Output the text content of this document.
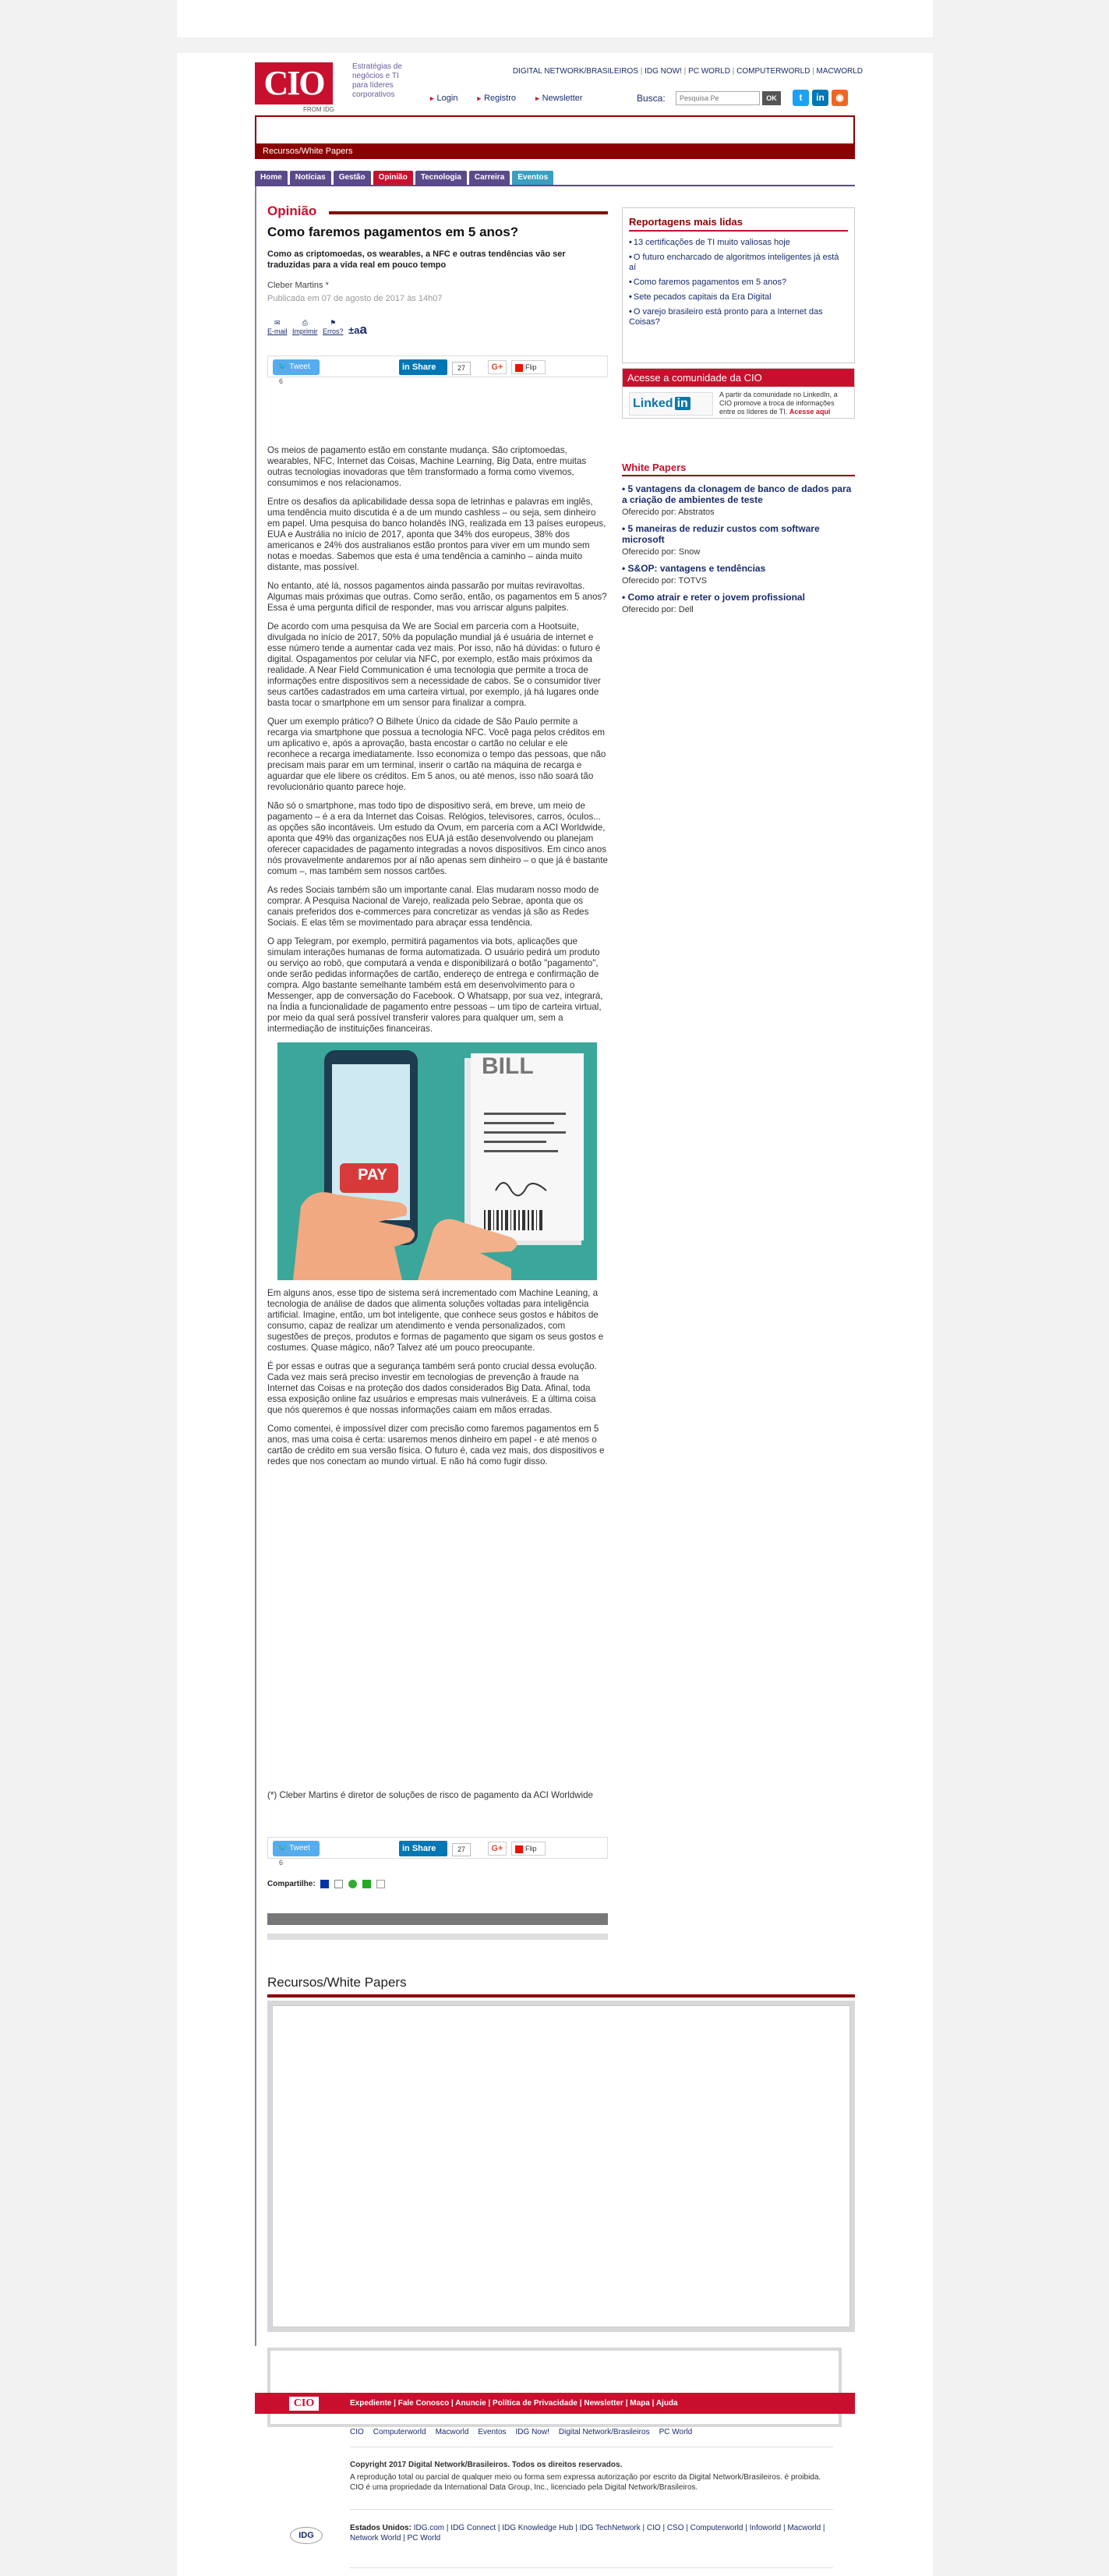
CIO
FROM IDG
Estratégias de negócios e TI para líderes corporativos
DIGITAL NETWORK/BRASILEIROS | IDG NOW! | PC WORLD | COMPUTERWORLD | MACWORLD
▸ Login	▸ Registro	▸ Newsletter	Busca:
Pesquisa Pe	OK	t	in	◉
Recursos/White Papers
Home Notícias Gestão Opinião Tecnologia Carreira Eventos
Opinião
Como faremos pagamentos em 5 anos?
Como as criptomoedas, os wearables, a NFC e outras tendências vão ser traduzidas para a vida real em pouco tempo
Cleber Martins *
Publicada em 07 de agosto de 2017 às 14h07
✉
E-mail
⎙
Imprimir
⚑
Erros? ±aa
🐦 Tweet
6
in Share	27	G+	Flip

Os meios de pagamento estão em constante mudança. São criptomoedas, wearables, NFC, Internet das Coisas, Machine Learning, Big Data, entre muitas outras tecnologias inovadoras que têm transformado a forma como vivemos, consumimos e nos relacionamos.

Entre os desafios da aplicabilidade dessa sopa de letrinhas e palavras em inglês, uma tendência muito discutida é a de um mundo cashless – ou seja, sem dinheiro em papel. Uma pesquisa do banco holandês ING, realizada em 13 países europeus, EUA e Austrália no início de 2017, aponta que 34% dos europeus, 38% dos americanos e 24% dos australianos estão prontos para viver em um mundo sem notas e moedas. Sabemos que esta é uma tendência a caminho – ainda muito distante, mas possível.

No entanto, até lá, nossos pagamentos ainda passarão por muitas reviravoltas. Algumas mais próximas que outras. Como serão, então, os pagamentos em 5 anos? Essa é uma pergunta difícil de responder, mas vou arriscar alguns palpites.

De acordo com uma pesquisa da We are Social em parceria com a Hootsuite, divulgada no início de 2017, 50% da população mundial já é usuária de internet e esse número tende a aumentar cada vez mais. Por isso, não há dúvidas: o futuro é digital. Ospagamentos por celular via NFC, por exemplo, estão mais próximos da realidade. A Near Field Communication é uma tecnologia que permite a troca de informações entre dispositivos sem a necessidade de cabos. Se o consumidor tiver seus cartões cadastrados em uma carteira virtual, por exemplo, já há lugares onde basta tocar o smartphone em um sensor para finalizar a compra.

Quer um exemplo prático? O Bilhete Único da cidade de São Paulo permite a recarga via smartphone que possua a tecnologia NFC. Você paga pelos créditos em um aplicativo e, após a aprovação, basta encostar o cartão no celular e ele reconhece a recarga imediatamente. Isso economiza o tempo das pessoas, que não precisam mais parar em um terminal, inserir o cartão na máquina de recarga e aguardar que ele libere os créditos. Em 5 anos, ou até menos, isso não soará tão revolucionário quanto parece hoje.

Não só o smartphone, mas todo tipo de dispositivo será, em breve, um meio de pagamento – é a era da Internet das Coisas. Relógios, televisores, carros, óculos... as opções são incontáveis. Um estudo da Ovum, em parceria com a ACI Worldwide, aponta que 49% das organizações nos EUA já estão desenvolvendo ou planejam oferecer capacidades de pagamento integradas a novos dispositivos. Em cinco anos nós provavelmente andaremos por aí não apenas sem dinheiro – o que já é bastante comum –, mas também sem nossos cartões.

As redes Sociais também são um importante canal. Elas mudaram nosso modo de comprar. A Pesquisa Nacional de Varejo, realizada pelo Sebrae, aponta que os canais preferidos dos e-commerces para concretizar as vendas já são as Redes Sociais. E elas têm se movimentado para abraçar essa tendência.

O app Telegram, por exemplo, permitirá pagamentos via bots, aplicações que simulam interações humanas de forma automatizada. O usuário pedirá um produto ou serviço ao robô, que computará a venda e disponibilizará o botão "pagamento", onde serão pedidas informações de cartão, endereço de entrega e confirmação de compra. Algo bastante semelhante também está em desenvolvimento para o Messenger, app de conversação do Facebook. O Whatsapp, por sua vez, integrará, na Índia a funcionalidade de pagamento entre pessoas – um tipo de carteira virtual, por meio da qual será possível transferir valores para qualquer um, sem a intermediação de instituições financeiras.

PAY
BILL

Em alguns anos, esse tipo de sistema será incrementado com Machine Leaning, a tecnologia de análise de dados que alimenta soluções voltadas para inteligência artificial. Imagine, então, um bot inteligente, que conhece seus gostos e hábitos de consumo, capaz de realizar um atendimento e venda personalizados, com sugestões de preços, produtos e formas de pagamento que sigam os seus gostos e costumes. Quase mágico, não? Talvez até um pouco preocupante.

É por essas e outras que a segurança também será ponto crucial dessa evolução. Cada vez mais será preciso investir em tecnologias de prevenção à fraude na Internet das Coisas e na proteção dos dados considerados Big Data. Afinal, toda essa exposição online faz usuários e empresas mais vulneráveis. E a última coisa que nós queremos é que nossas informações caiam em mãos erradas.

Como comentei, é impossível dizer com precisão como faremos pagamentos em 5 anos, mas uma coisa é certa: usaremos menos dinheiro em papel - e até menos o cartão de crédito em sua versão física. O futuro é, cada vez mais, dos dispositivos e redes que nos conectam ao mundo virtual. E não há como fugir disso.

(*) Cleber Martins é diretor de soluções de risco de pagamento da ACI Worldwide
🐦 Tweet
6
in Share	27	G+	Flip
Compartilhe:
Reportagens mais lidas
• 13 certificações de TI muito valiosas hoje
• O futuro encharcado de algoritmos inteligentes já está aí
• Como faremos pagamentos em 5 anos?
• Sete pecados capitais da Era Digital
• O varejo brasileiro está pronto para a Internet das Coisas?
Acesse a comunidade da CIO
Linked in
A partir da comunidade no LinkedIn, a CIO promove a troca de informações entre os líderes de TI. Acesse aqui
White Papers
• 5 vantagens da clonagem de banco de dados para a criação de ambientes de teste
Oferecido por: Abstratos
• 5 maneiras de reduzir custos com software microsoft
Oferecido por: Snow
• S&OP: vantagens e tendências
Oferecido por: TOTVS
• Como atrair e reter o jovem profissional
Oferecido por: Dell
Recursos/White Papers
CIO	Expediente | Fale Conosco | Anuncie | Política de Privacidade | Newsletter | Mapa | Ajuda
CIO Computerworld Macworld Eventos IDG Now! Digital Network/Brasileiros PC World
Copyright 2017 Digital Network/Brasileiros. Todos os direitos reservados.
A reprodução total ou parcial de qualquer meio ou forma sem expressa autorização por escrito da Digital Network/Brasileiros. é proibida. CIO é uma propriedade da International Data Group, Inc., licenciado pela Digital Network/Brasileiros.
IDG
Estados Unidos: IDG.com | IDG Connect | IDG Knowledge Hub | IDG TechNetwork | CIO | CSO | Computerworld | Infoworld | Macworld | Network World | PC World
